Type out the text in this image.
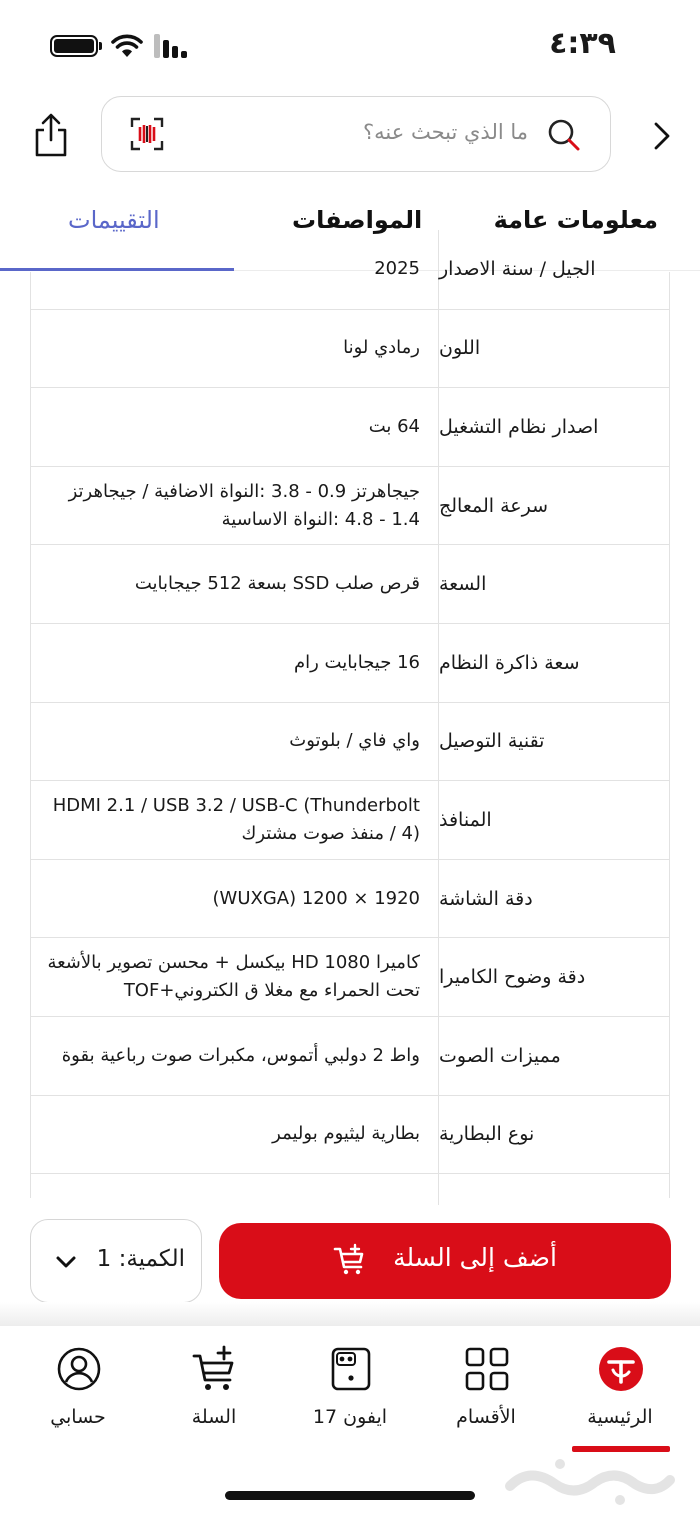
٤:٣٩
ما الذي تبحث عنه؟
معلومات عامة
المواصفات
التقييمات
الجيل / سنة الاصدار
2025
اللون
رمادي لونا
اصدار نظام التشغيل
64 بت
سرعة المعالج
جيجاهرتز 0.9 - 3.8 :النواة الاضافية / جيجاهرتز 1.4 - 4.8 :النواة الاساسية
السعة
قرص صلب SSD بسعة 512 جيجابايت
سعة ذاكرة النظام
16 جيجابايت رام
تقنية التوصيل
واي فاي / بلوتوث
المنافذ
HDMI 2.1 / USB 3.2 / USB-C (Thunderbolt 4) / منفذ صوت مشترك
دقة الشاشة
1920 × 1200 (WUXGA)
دقة وضوح الكاميرا
كاميرا HD 1080 بيكسل + محسن تصوير بالأشعة تحت الحمراء مع مغلا ق الكتروني+TOF
مميزات الصوت
واط 2 دولبي أتموس، مكبرات صوت رباعية بقوة
نوع البطارية
بطارية ليثيوم بوليمر
الكمية: 1	أضف إلى السلة
الرئيسية
الأقسام
ايفون 17
السلة
حسابي
